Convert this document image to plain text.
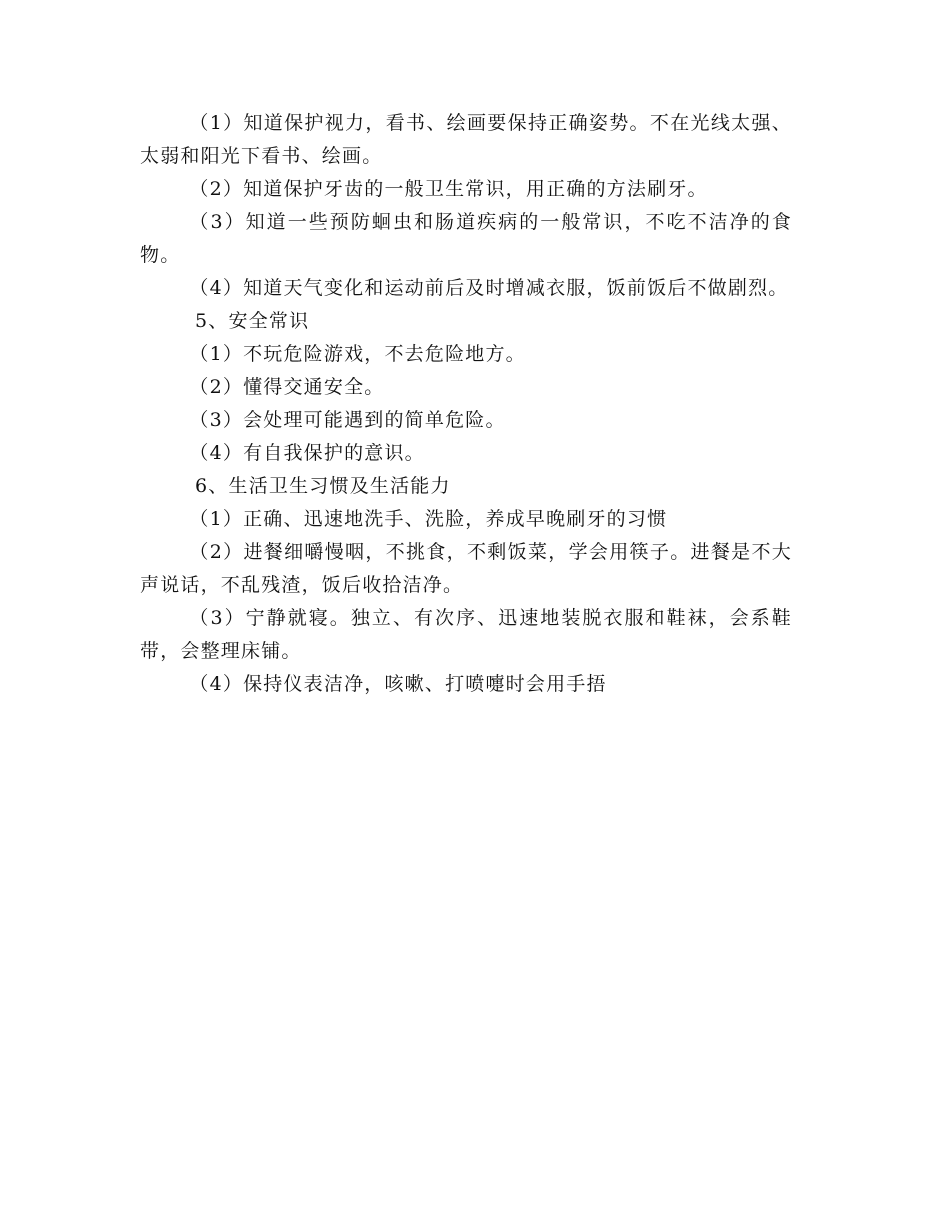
（1）知道保护视力，看书、绘画要保持正确姿势。不在光线太强、太弱和阳光下看书、绘画。

（2）知道保护牙齿的一般卫生常识，用正确的方法刷牙。

（3）知道一些预防蛔虫和肠道疾病的一般常识，不吃不洁净的食物。

（4）知道天气变化和运动前后及时增减衣服，饭前饭后不做剧烈。

5、安全常识

（1）不玩危险游戏，不去危险地方。

（2）懂得交通安全。

（3）会处理可能遇到的简单危险。

（4）有自我保护的意识。

6、生活卫生习惯及生活能力

（1）正确、迅速地洗手、洗脸，养成早晚刷牙的习惯

（2）进餐细嚼慢咽，不挑食，不剩饭菜，学会用筷子。进餐是不大声说话，不乱残渣，饭后收拾洁净。

（3）宁静就寝。独立、有次序、迅速地装脱衣服和鞋袜，会系鞋带，会整理床铺。

（4）保持仪表洁净，咳嗽、打喷嚏时会用手捂
